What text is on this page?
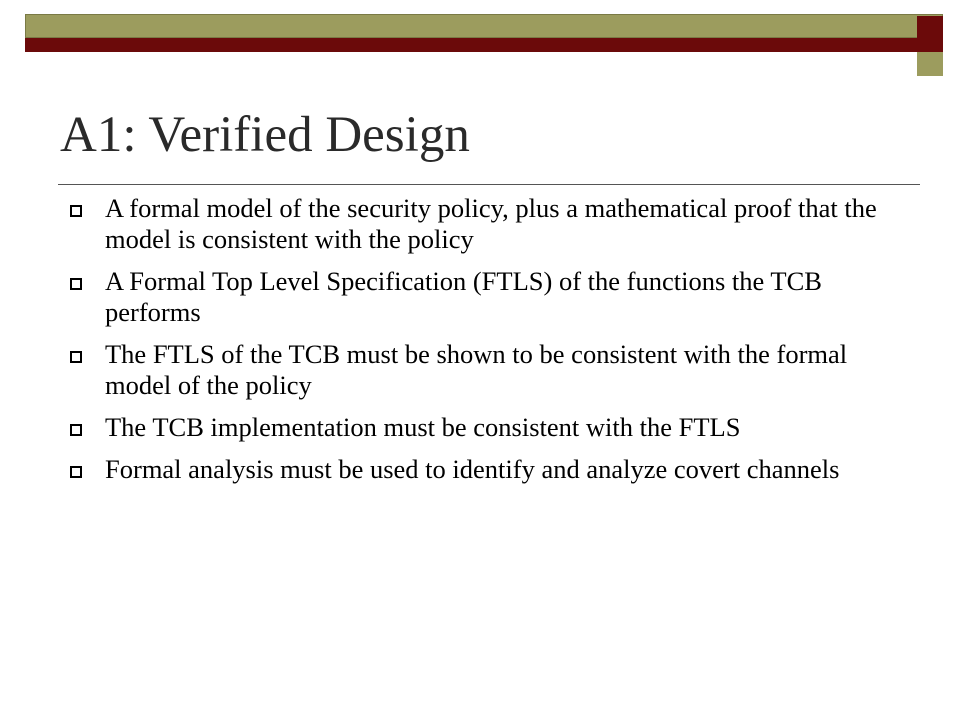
A1: Verified Design
A formal model of the security policy, plus a mathematical proof that the model is consistent with the policy
A Formal Top Level Specification (FTLS) of the functions the TCB performs
The FTLS of the TCB must be shown to be consistent with the formal model of the policy
The TCB implementation must be consistent with the FTLS
Formal analysis must be used to identify and analyze covert channels
